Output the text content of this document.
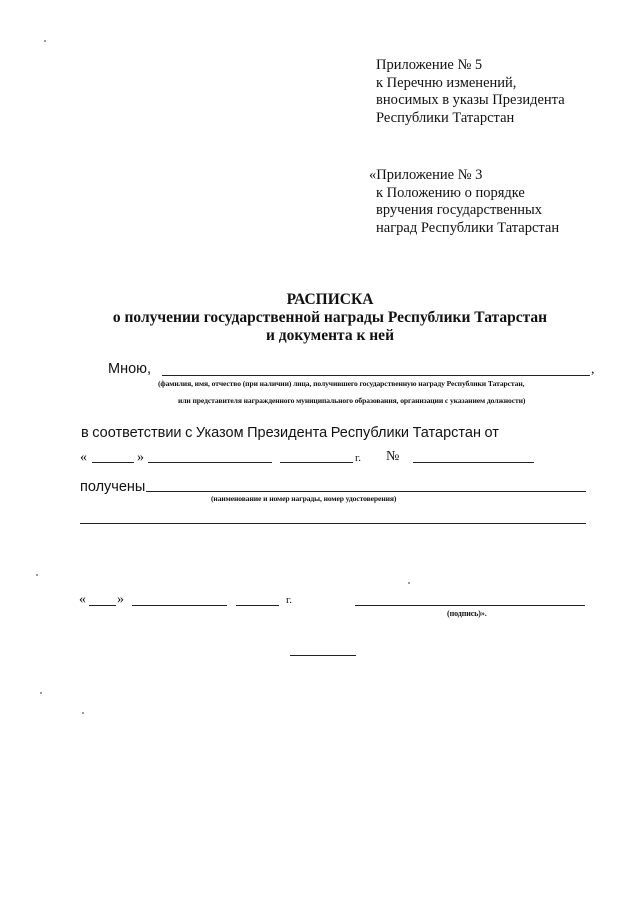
Приложение № 5
к Перечню изменений,
вносимых в указы Президента
Республики Татарстан
«Приложение № 3
к Положению о порядке
вручения государственных
наград Республики Татарстан
РАСПИСКА
о получении государственной награды Республики Татарстан
и документа к ней
Мною,	,
(фамилия, имя, отчество (при наличии) лица, получившего государственную награду Республики Татарстан,
или представителя награжденного муниципального образования, организации с указанием должности)
в соответствии с Указом Президента Республики Татарстан от
«	»	г. №
получены
(наименование и номер награды, номер удостоверения)
« »	г.
(подпись)».
